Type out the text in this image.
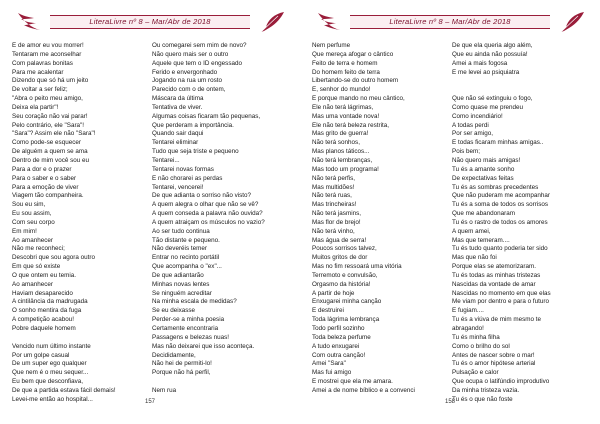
LiteraLivre nº 8 – Mar/Abr de 2018
E de amor eu vou morrer!
Tentaram me aconselhar
Com palavras bonitas
Para me acalentar
Dizendo que só há um jeito
De voltar a ser feliz;
"Abra o peito meu amigo,
Deixa ela partir"!
Seu coração não vai parar!
Pelo contrário, ele "Sara"!
"Sara"? Assim ele não "Sara"!
Como pode-se esquecer
De alguém a quem se ama
Dentro de mim você sou eu
Para a dor e o prazer
Para o saber e o saber
Para a emoção de viver
Viagem tão companheira.
Sou eu sim,
Eu sou assim,
Com seu corpo
Em mim!
Ao amanhecer
Não me reconheci;
Descobri que sou agora outro
Em que só existe
O que ontem eu temia.
Ao amanhecer
Haviam desaparecido
A cintilância da madrugada
O sonho mentira da fuga
A competição acabou!
Pobre daquele homem
Vencido num último instante
Por um golpe casual
De um super ego qualquer
Que nem é o meu sequer...
Eu bem que desconfiava,
De que a partida estava fácil demais!
Levei-me então ao hospital...
Ou comegarei sem mim de novo?
Não quero mais ser o outro
Aquele que tem o ID engessado
Ferido e envergonhado
Jogando na rua um rosto
Parecido com o de ontem,
Máscara da última
Tentativa de viver.
Algumas coisas ficaram tão pequenas,
Que perderam a importância.
Quando sair daqui
Tentarei eliminar
Tudo que seja triste e pequeno
Tentarei...
Tentarei novas formas
E não chorarei as perdas
Tentarei, vencerei!
De que adianta o sorriso não visto?
A quem alegra o olhar que não se vê?
A quem conseda a palavra não ouvida?
A quem atraiçam os músculos no vazio?
Ao ser tudo continua
Tão distante e pequeno.
Não deveréis temer
Entrar no recinto portátil
Que acompanha o "ex"...
De que adiantarão
Minhas novas lentes
Se ninguém acreditar
Na minha escala de medidas?
Se eu deixasse
Perder-se a minha poesia
Certamente encontraria
Passagens e belezas nuas!
Mas não deixarei que isso aconteça.
Decididamente,
Não hei de permiti-lo!
Porque não há perfil,
Nem rua
157
LiteraLivre nº 8 – Mar/Abr de 2018
Nem perfume
Que mereça afogar o cântico
Feito de terra e homem
Do homem feito de terra
Libertando-se do outro homem
E, senhor do mundo!
E porque mando no meu cântico,
Ele não terá lágrimas,
Mas uma vontade nova!
Ele não terá beleza restrita,
Mas grito de guerra!
Não terá sonhos,
Mas planos táticos...
Não terá lembranças,
Mas todo um programa!
Não terá perfis,
Mas multidões!
Não terá ruas,
Mas trincheiras!
Não terá jasmins,
Mas flor de brejo!
Não terá vinho,
Mas água de serra!
Poucos sorrisos talvez,
Muitos gritos de dor
Mas no fim ressoará uma vitória
Terremoto e convulsão,
Orgasmo da história!
A partir de hoje
Enxugarei minha canção
E destruirei
Toda lágrima lembrança
Todo perfil sozinho
Toda beleza perfume
A tudo enxugarei
Com outra canção!
Amei "Sara"
Mas fui amigo
E mostrei que ela me amara.
Amei a de nome bíblico e a convenci
De que ela queria algo além,
Que eu ainda não possuía!
Amei a mais fogosa
E me levei ao psiquiatra
Que não sé extinguiu o fogo,
Como quase me prendeu
Como incendiário!
A todas perdi
Por ser amigo,
E todas ficaram minhas amigas..
Pois bem;
Não quero mais amigas!
Tu és a amante sonho
De expectativas feitas
Tu és as sombras precedentes
Que não puderam me acompanhar
Tu és a soma de todos os sorrisos
Que me abandonaram
Tu és o rastro de todos os amores
A quem amei,
Mas que temeram....
Tu és tudo quanto poderia ter sido
Mas que não foi
Porque elas se atemorizaram.
Tu és todas as minhas tristezas
Nascidas da vontade de amar
Nascidas no momento em que elas
Me viam por dentro e para o futuro
E fugiam....
Tu és a viúva de mim mesmo te
abragando!
Tu és minha filha
Como o brilho do sol
Antes de nascer sobre o mar!
Tu és o amor hipótese arterial
Pulsação e calor
Que ocupa o latifúndio improdutivo
Da minha tristeza vazia.
Tu és o que não foste
158
